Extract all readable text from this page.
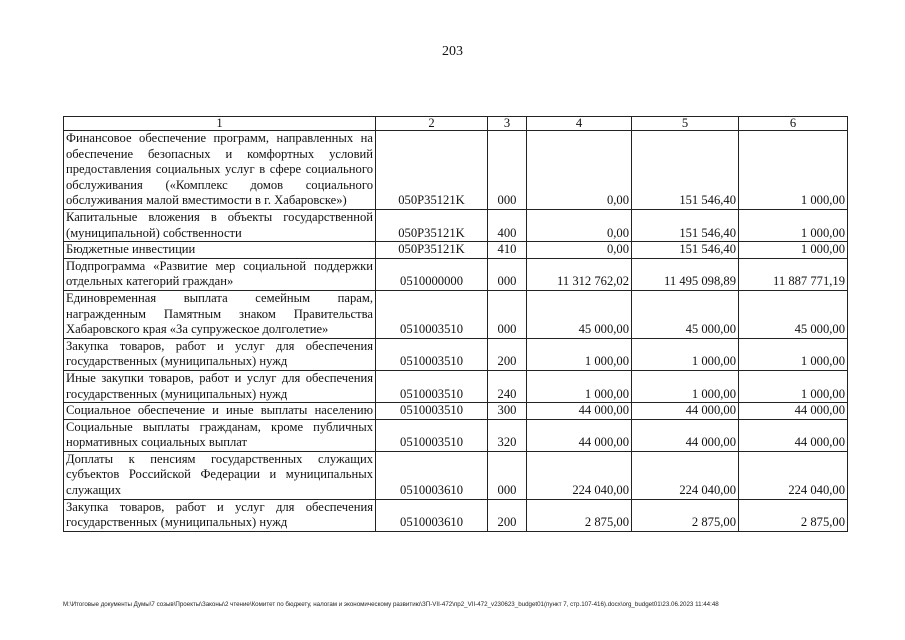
203
1	2	3	4	5	6
Финансовое обеспечение программ, направленных на обеспечение безопасных и комфортных условий предоставления социальных услуг в сфере социального обслуживания («Комплекс домов социального обслуживания малой вместимости в г. Хабаровске»)	050P35121K	000	0,00	151 546,40	1 000,00
Капитальные вложения в объекты государственной (муниципальной) собственности	050P35121K	400	0,00	151 546,40	1 000,00
Бюджетные инвестиции	050P35121K	410	0,00	151 546,40	1 000,00
Подпрограмма «Развитие мер социальной поддержки отдельных категорий граждан»	0510000000	000	11 312 762,02	11 495 098,89	11 887 771,19
Единовременная выплата семейным парам, награжденным Памятным знаком Правительства Хабаровского края «За супружеское долголетие»	0510003510	000	45 000,00	45 000,00	45 000,00
Закупка товаров, работ и услуг для обеспечения государственных (муниципальных) нужд	0510003510	200	1 000,00	1 000,00	1 000,00
Иные закупки товаров, работ и услуг для обеспечения государственных (муниципальных) нужд	0510003510	240	1 000,00	1 000,00	1 000,00
Социальное обеспечение и иные выплаты населению	0510003510	300	44 000,00	44 000,00	44 000,00
Социальные выплаты гражданам, кроме публичных нормативных социальных выплат	0510003510	320	44 000,00	44 000,00	44 000,00
Доплаты к пенсиям государственных служащих субъектов Российской Федерации и муниципальных служащих	0510003610	000	224 040,00	224 040,00	224 040,00
Закупка товаров, работ и услуг для обеспечения государственных (муниципальных) нужд	0510003610	200	2 875,00	2 875,00	2 875,00
M:\Итоговые документы Думы\7 созыв\Проекты\Законы\2 чтение\Комитет по бюджету, налогам и экономическому развитию\ЗП-VII-472\пр2_VII-472_v230623_budget01(пункт 7, стр.107-416).docx\org_budget01\23.06.2023 11:44:48
